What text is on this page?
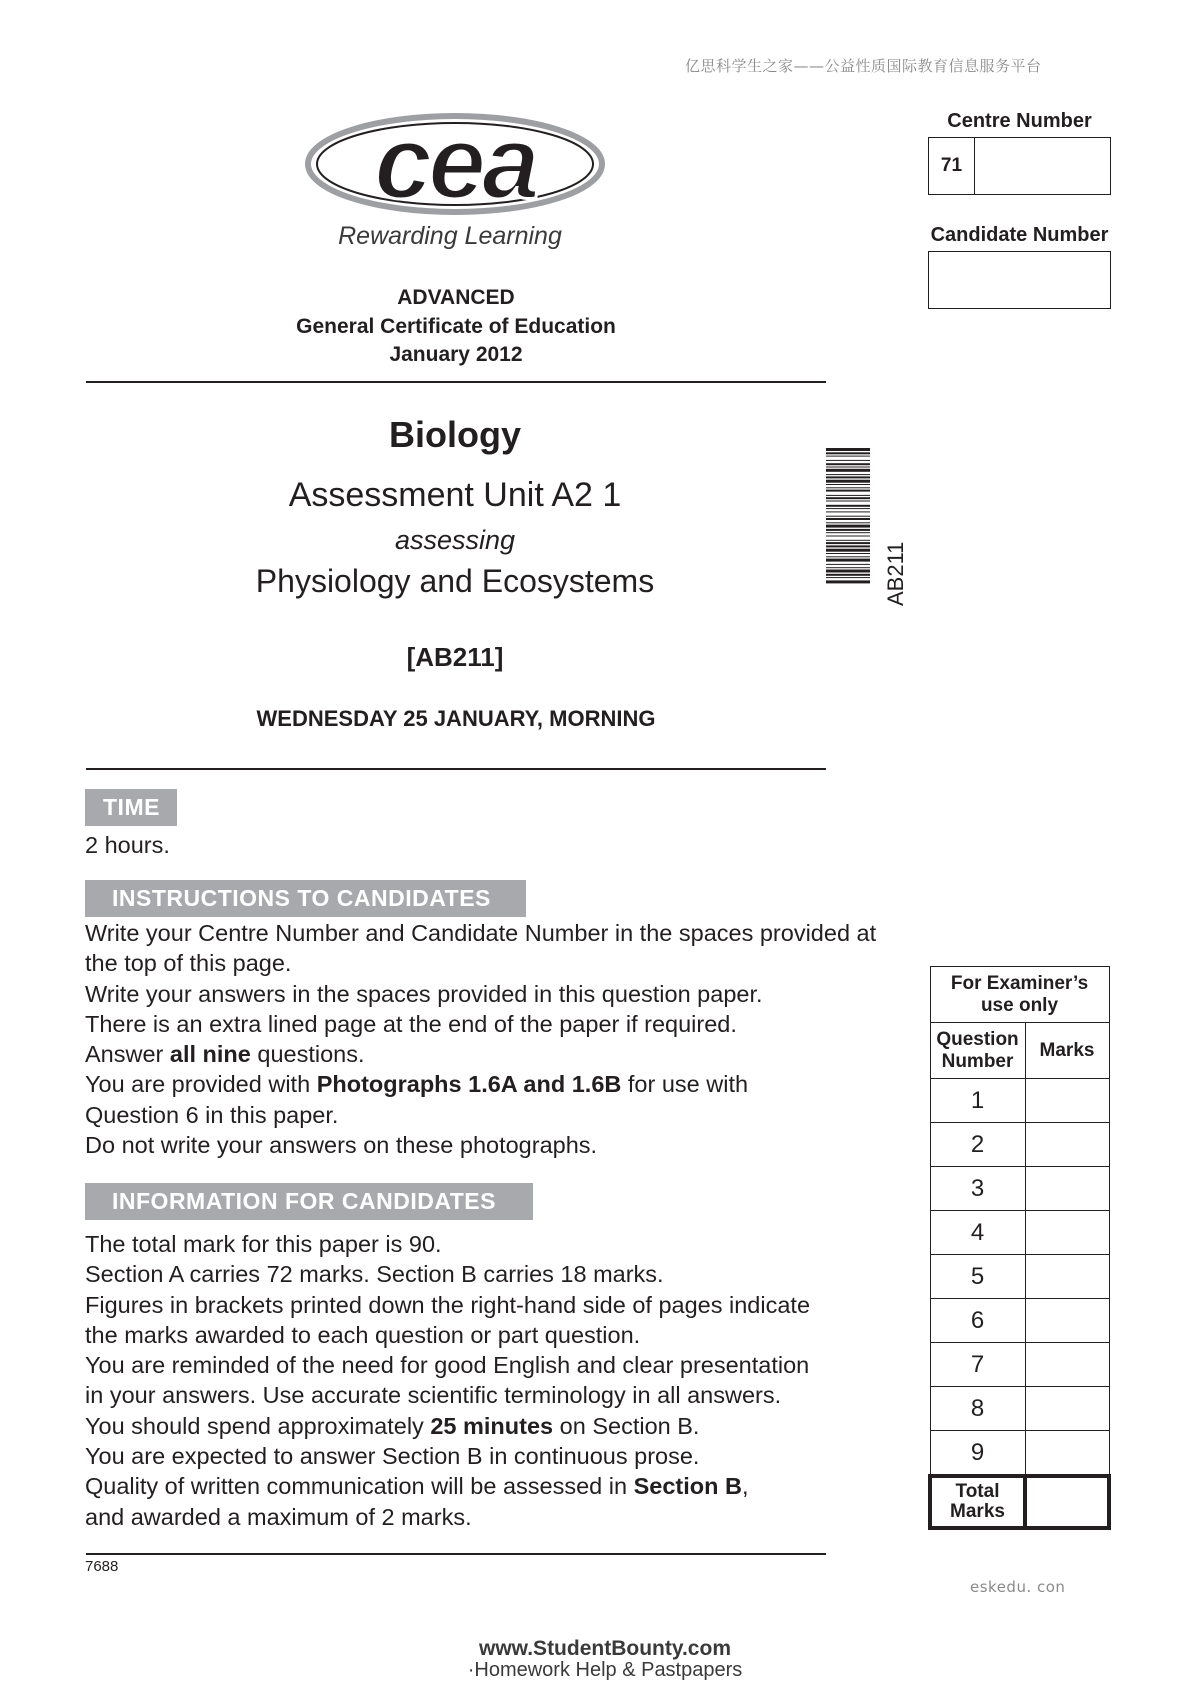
亿思科学生之家——公益性质国际教育信息服务平台
cea
Rewarding Learning
ADVANCED
General Certificate of Education
January 2012
Biology
Assessment Unit A2 1
assessing
Physiology and Ecosystems
[AB211]
WEDNESDAY 25 JANUARY, MORNING
AB211
Centre Number
71
Candidate Number
TIME
2 hours.
INSTRUCTIONS TO CANDIDATES
Write your Centre Number and Candidate Number in the spaces provided at
the top of this page.
Write your answers in the spaces provided in this question paper.
There is an extra lined page at the end of the paper if required.
Answer all nine questions.
You are provided with Photographs 1.6A and 1.6B for use with
Question 6 in this paper.
Do not write your answers on these photographs.
INFORMATION FOR CANDIDATES
The total mark for this paper is 90.
Section A carries 72 marks. Section B carries 18 marks.
Figures in brackets printed down the right-hand side of pages indicate
the marks awarded to each question or part question.
You are reminded of the need for good English and clear presentation
in your answers. Use accurate scientific terminology in all answers.
You should spend approximately 25 minutes on Section B.
You are expected to answer Section B in continuous prose.
Quality of written communication will be assessed in Section B,
and awarded a maximum of 2 marks.
For Examiner’s
use only	

Question
Number	Marks
1	
2	
3	
4	
5	
6	
7	
8	
9	

Total
Marks	

7688
eskedu. con
www.StudentBounty.com
·Homework Help & Pastpapers
